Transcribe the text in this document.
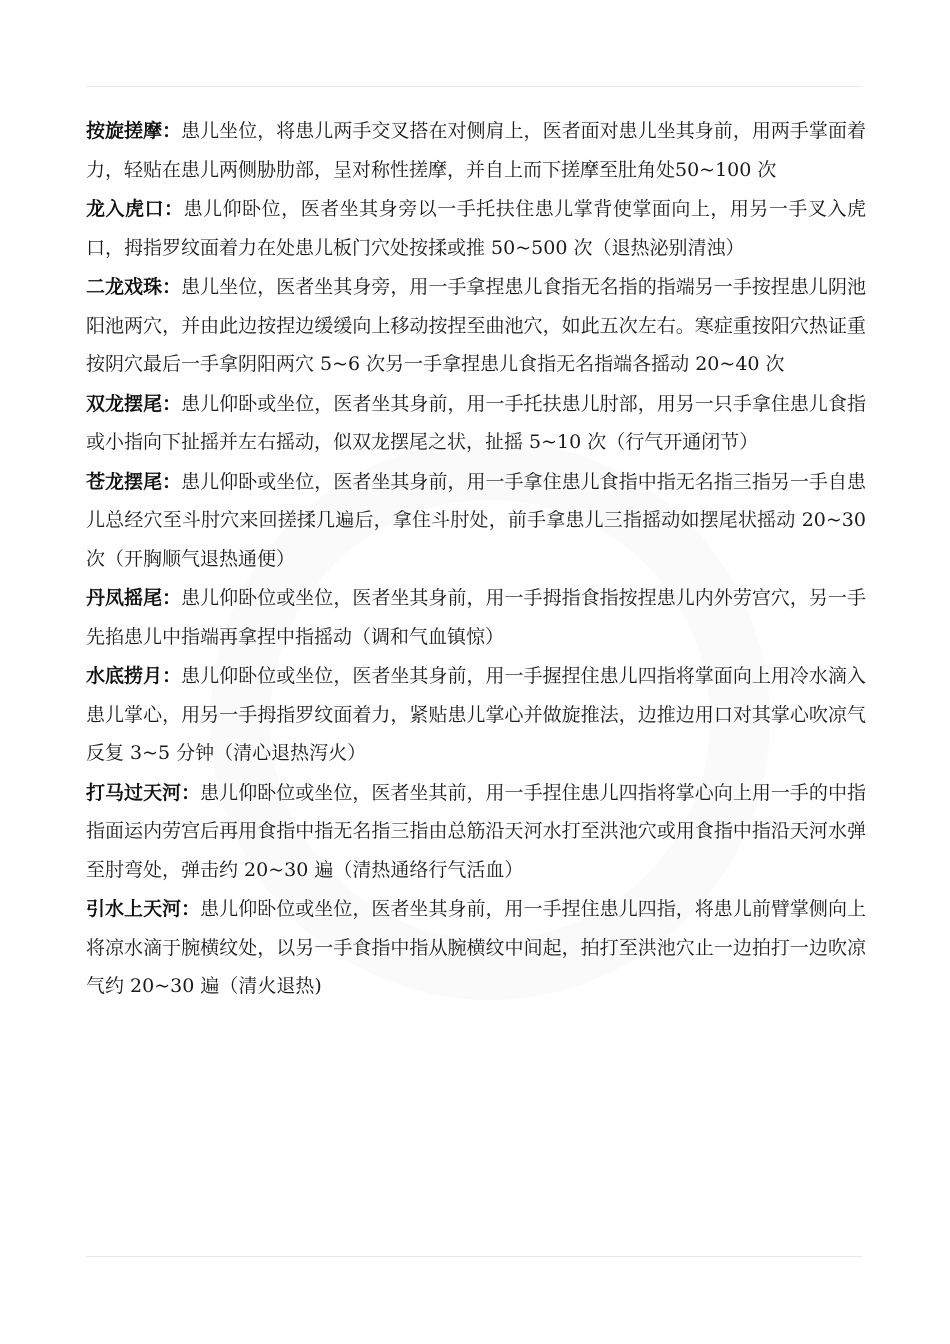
按旋搓摩：患儿坐位，将患儿两手交叉搭在对侧肩上，医者面对患儿坐其身前，用两手掌面着力，轻贴在患儿两侧胁肋部，呈对称性搓摩，并自上而下搓摩至肚角处50~100 次

龙入虎口：患儿仰卧位，医者坐其身旁以一手托扶住患儿掌背使掌面向上，用另一手叉入虎口，拇指罗纹面着力在处患儿板门穴处按揉或推 50~500 次（退热泌别清浊）

二龙戏珠：患儿坐位，医者坐其身旁，用一手拿捏患儿食指无名指的指端另一手按捏患儿阴池阳池两穴，并由此边按捏边缓缓向上移动按捏至曲池穴，如此五次左右。寒症重按阳穴热证重按阴穴最后一手拿阴阳两穴 5~6 次另一手拿捏患儿食指无名指端各摇动 20~40 次

双龙摆尾：患儿仰卧或坐位，医者坐其身前，用一手托扶患儿肘部，用另一只手拿住患儿食指或小指向下扯摇并左右摇动，似双龙摆尾之状，扯摇 5~10 次（行气开通闭节）

苍龙摆尾：患儿仰卧或坐位，医者坐其身前，用一手拿住患儿食指中指无名指三指另一手自患儿总经穴至斗肘穴来回搓揉几遍后，拿住斗肘处，前手拿患儿三指摇动如摆尾状摇动 20~30 次（开胸顺气退热通便）

丹凤摇尾：患儿仰卧位或坐位，医者坐其身前，用一手拇指食指按捏患儿内外劳宫穴，另一手先掐患儿中指端再拿捏中指摇动（调和气血镇惊）

水底捞月：患儿仰卧位或坐位，医者坐其身前，用一手握捏住患儿四指将掌面向上用冷水滴入患儿掌心，用另一手拇指罗纹面着力，紧贴患儿掌心并做旋推法，边推边用口对其掌心吹凉气反复 3~5 分钟（清心退热泻火）

打马过天河：患儿仰卧位或坐位，医者坐其前，用一手捏住患儿四指将掌心向上用一手的中指指面运内劳宫后再用食指中指无名指三指由总筋沿天河水打至洪池穴或用食指中指沿天河水弹至肘弯处，弹击约 20~30 遍（清热通络行气活血）

引水上天河：患儿仰卧位或坐位，医者坐其身前，用一手捏住患儿四指，将患儿前臂掌侧向上将凉水滴于腕横纹处，以另一手食指中指从腕横纹中间起，拍打至洪池穴止一边拍打一边吹凉气约 20~30 遍（清火退热)
